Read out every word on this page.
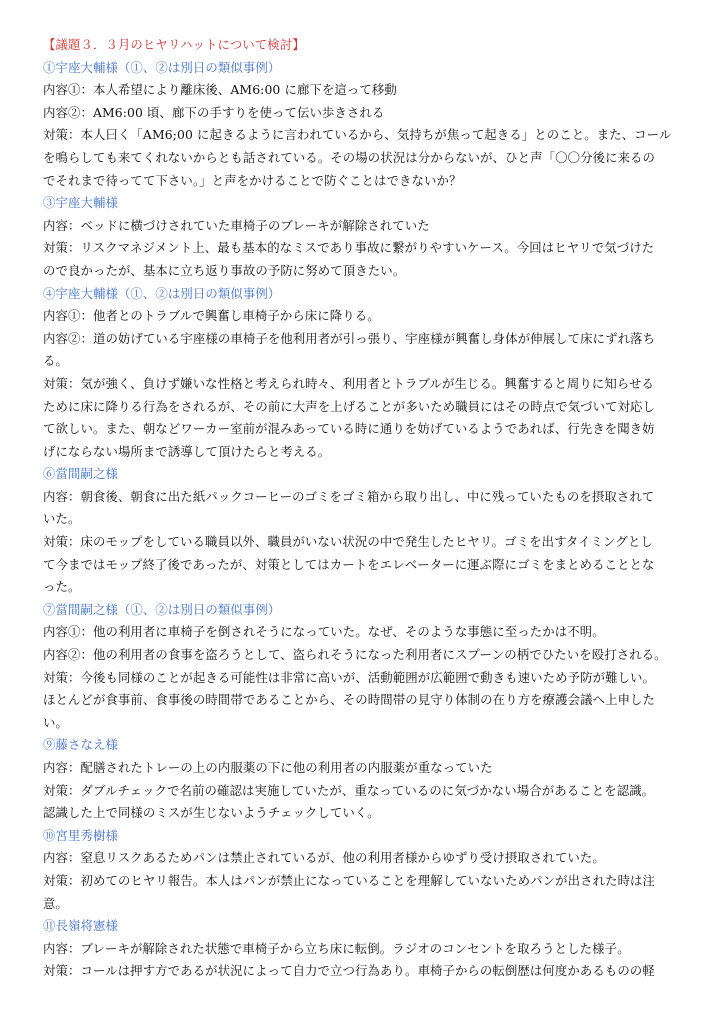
【議題３．３月のヒヤリハットについて検討】

①宇座大輔様（①、②は別日の類似事例）

内容①：本人希望により離床後、AM6:00 に廊下を這って移動

内容②：AM6:00 頃、廊下の手すりを使って伝い歩きされる

対策：本人曰く「AM6;00 に起きるように言われているから、気持ちが焦って起きる」とのこと。また、コール

を鳴らしても来てくれないからとも話されている。その場の状況は分からないが、ひと声「〇〇分後に来るの

でそれまで待ってて下さい。」と声をかけることで防ぐことはできないか？

③宇座大輔様

内容：ベッドに横づけされていた車椅子のブレーキが解除されていた

対策：リスクマネジメント上、最も基本的なミスであり事故に繋がりやすいケース。今回はヒヤリで気づけた

ので良かったが、基本に立ち返り事故の予防に努めて頂きたい。

④宇座大輔様（①、②は別日の類似事例）

内容①：他者とのトラブルで興奮し車椅子から床に降りる。

内容②：道の妨げている宇座様の車椅子を他利用者が引っ張り、宇座様が興奮し身体が伸展して床にずれ落ち

る。

対策：気が強く、負けず嫌いな性格と考えられ時々、利用者とトラブルが生じる。興奮すると周りに知らせる

ために床に降りる行為をされるが、その前に大声を上げることが多いため職員にはその時点で気づいて対応し

て欲しい。また、朝などワーカー室前が混みあっている時に通りを妨げているようであれば、行先きを聞き妨

げにならない場所まで誘導して頂けたらと考える。

⑥當間嗣之様

内容：朝食後、朝食に出た紙パックコーヒーのゴミをゴミ箱から取り出し、中に残っていたものを摂取されて

いた。

対策：床のモップをしている職員以外、職員がいない状況の中で発生したヒヤリ。ゴミを出すタイミングとし

て今まではモップ終了後であったが、対策としてはカートをエレベーターに運ぶ際にゴミをまとめることとな

った。

⑦當間嗣之様（①、②は別日の類似事例）

内容①：他の利用者に車椅子を倒されそうになっていた。なぜ、そのような事態に至ったかは不明。

内容②：他の利用者の食事を盗ろうとして、盗られそうになった利用者にスプーンの柄でひたいを殴打される。

対策：今後も同様のことが起きる可能性は非常に高いが、活動範囲が広範囲で動きも速いため予防が難しい。

ほとんどが食事前、食事後の時間帯であることから、その時間帯の見守り体制の在り方を療護会議へ上申した

い。

⑨藤さなえ様

内容：配膳されたトレーの上の内服薬の下に他の利用者の内服薬が重なっていた

対策：ダブルチェックで名前の確認は実施していたが、重なっているのに気づかない場合があることを認識。

認識した上で同様のミスが生じないようチェックしていく。

⑩宮里秀樹様

内容：窒息リスクあるためパンは禁止されているが、他の利用者様からゆずり受け摂取されていた。

対策：初めてのヒヤリ報告。本人はパンが禁止になっていることを理解していないためパンが出された時は注

意。

⑪長嶺将憲様

内容：ブレーキが解除された状態で車椅子から立ち床に転倒。ラジオのコンセントを取ろうとした様子。

対策：コールは押す方であるが状況によって自力で立つ行為あり。車椅子からの転倒歴は何度かあるものの軽
